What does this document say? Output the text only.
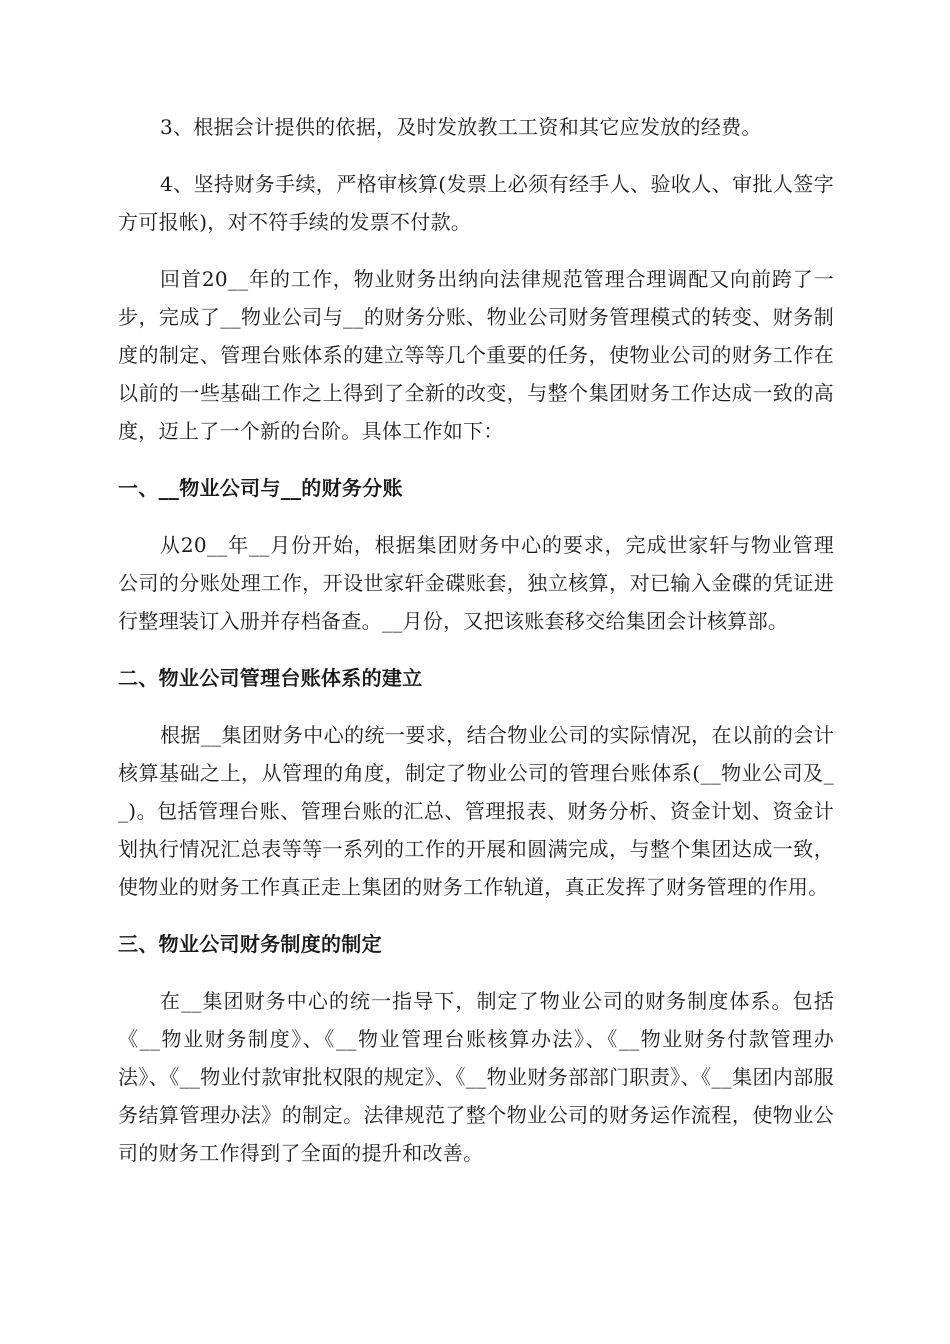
3、根据会计提供的依据，及时发放教工工资和其它应发放的经费。

4、坚持财务手续，严格审核算(发票上必须有经手人、验收人、审批人签字方可报帐)，对不符手续的发票不付款。

回首20__年的工作，物业财务出纳向法律规范管理合理调配又向前跨了一步，完成了__物业公司与__的财务分账、物业公司财务管理模式的转变、财务制度的制定、管理台账体系的建立等等几个重要的任务，使物业公司的财务工作在以前的一些基础工作之上得到了全新的改变，与整个集团财务工作达成一致的高度，迈上了一个新的台阶。具体工作如下：

一、__物业公司与__的财务分账

从20__年__月份开始，根据集团财务中心的要求，完成世家轩与物业管理公司的分账处理工作，开设世家轩金碟账套，独立核算，对已输入金碟的凭证进行整理装订入册并存档备查。__月份，又把该账套移交给集团会计核算部。

二、物业公司管理台账体系的建立

根据__集团财务中心的统一要求，结合物业公司的实际情况，在以前的会计核算基础之上，从管理的角度，制定了物业公司的管理台账体系(__物业公司及__)。包括管理台账、管理台账的汇总、管理报表、财务分析、资金计划、资金计划执行情况汇总表等等一系列的工作的开展和圆满完成，与整个集团达成一致，使物业的财务工作真正走上集团的财务工作轨道，真正发挥了财务管理的作用。

三、物业公司财务制度的制定

在__集团财务中心的统一指导下，制定了物业公司的财务制度体系。包括《__物业财务制度》、《__物业管理台账核算办法》、《__物业财务付款管理办法》、《__物业付款审批权限的规定》、《__物业财务部部门职责》、《__集团内部服务结算管理办法》的制定。法律规范了整个物业公司的财务运作流程，使物业公司的财务工作得到了全面的提升和改善。
